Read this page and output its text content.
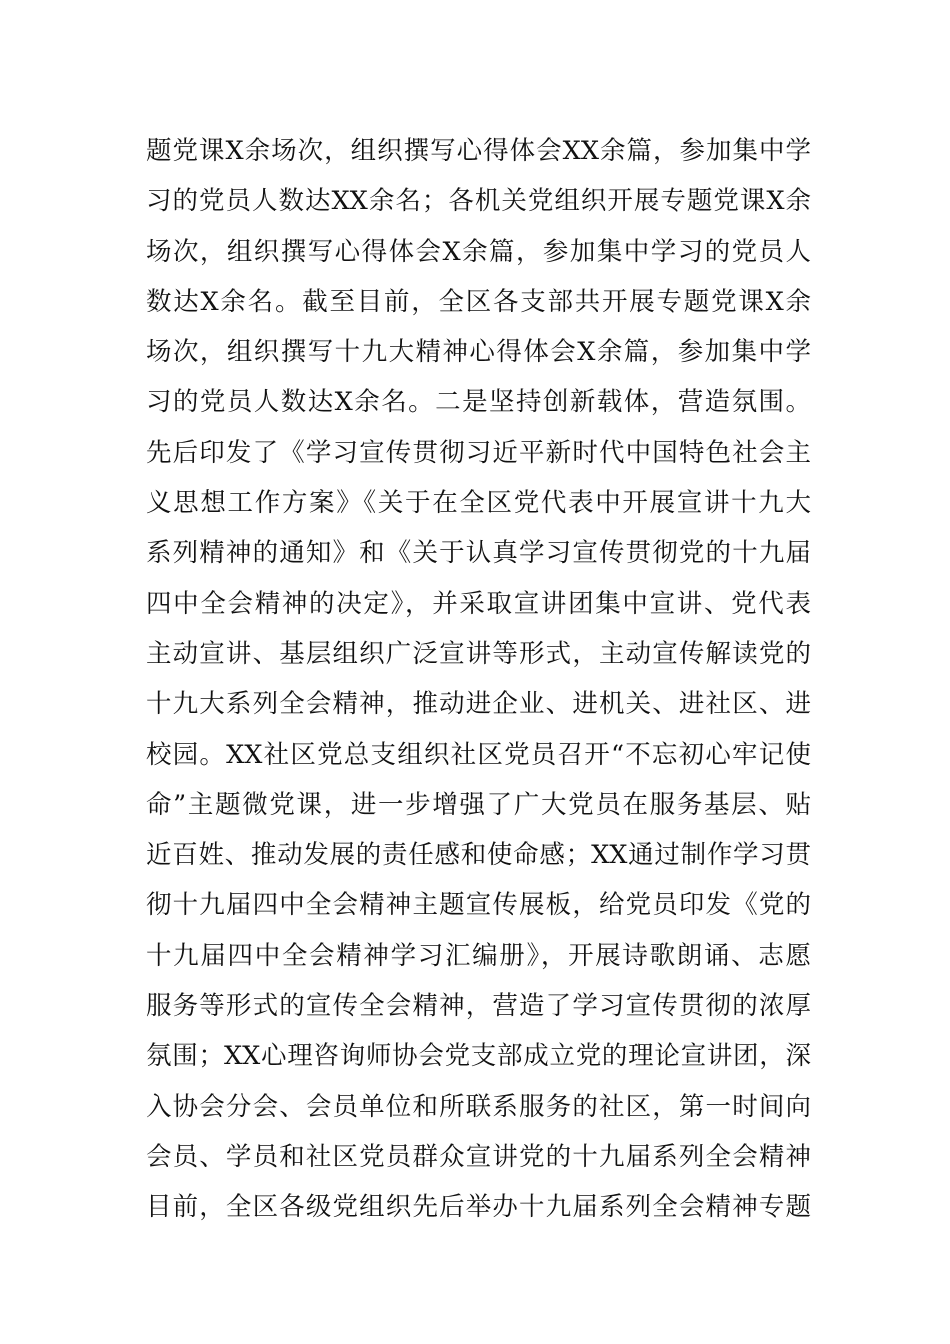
题党课X余场次，组织撰写心得体会XX余篇，参加集中学
习的党员人数达XX余名；各机关党组织开展专题党课X余
场次，组织撰写心得体会X余篇，参加集中学习的党员人
数达X余名。截至目前，全区各支部共开展专题党课X余
场次，组织撰写十九大精神心得体会X余篇，参加集中学
习的党员人数达X余名。二是坚持创新载体，营造氛围。
先后印发了《学习宣传贯彻习近平新时代中国特色社会主
义思想工作方案》《关于在全区党代表中开展宣讲十九大
系列精神的通知》和《关于认真学习宣传贯彻党的十九届
四中全会精神的决定》，并采取宣讲团集中宣讲、党代表
主动宣讲、基层组织广泛宣讲等形式，主动宣传解读党的
十九大系列全会精神，推动进企业、进机关、进社区、进
校园。XX社区党总支组织社区党员召开“不忘初心牢记使
命”主题微党课，进一步增强了广大党员在服务基层、贴
近百姓、推动发展的责任感和使命感；XX通过制作学习贯
彻十九届四中全会精神主题宣传展板，给党员印发《党的
十九届四中全会精神学习汇编册》，开展诗歌朗诵、志愿
服务等形式的宣传全会精神，营造了学习宣传贯彻的浓厚
氛围；XX心理咨询师协会党支部成立党的理论宣讲团，深
入协会分会、会员单位和所联系服务的社区，第一时间向
会员、学员和社区党员群众宣讲党的十九届系列全会精神
目前，全区各级党组织先后举办十九届系列全会精神专题
